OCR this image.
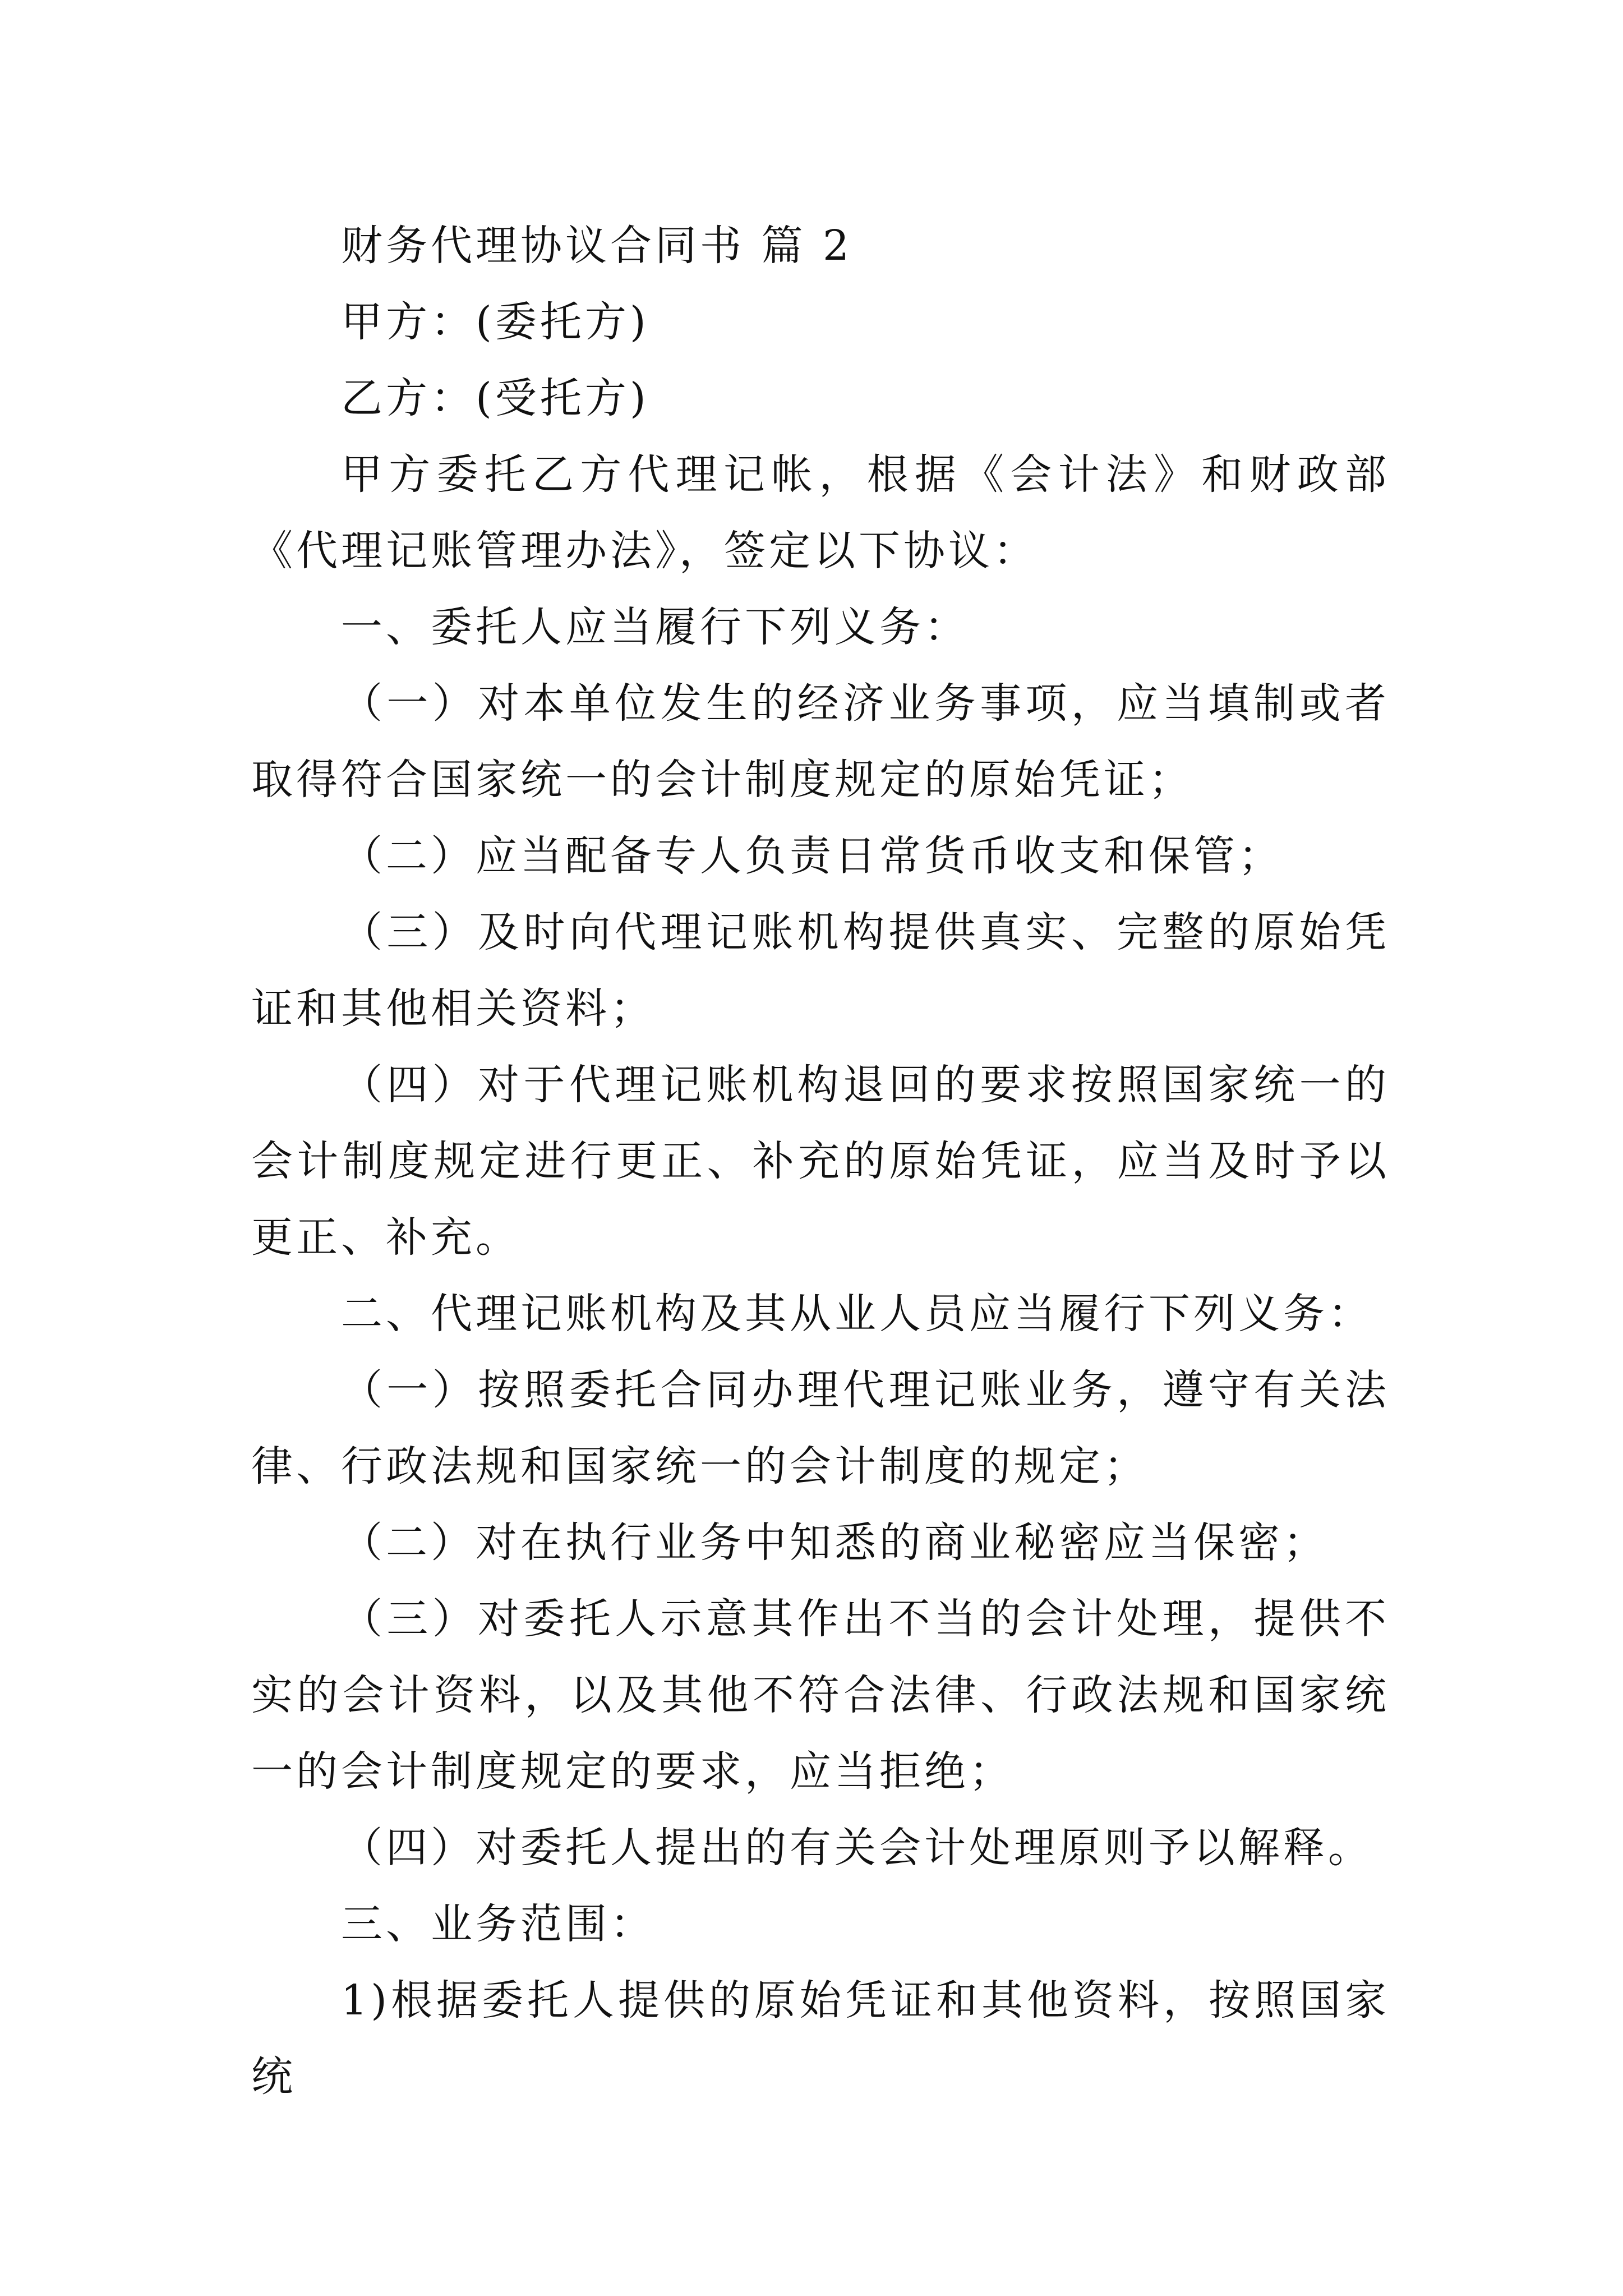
财务代理协议合同书 篇 2

甲方：(委托方)

乙方：(受托方)

甲方委托乙方代理记帐，根据《会计法》和财政部《代理记账管理办法》，签定以下协议：

一、委托人应当履行下列义务：

（一）对本单位发生的经济业务事项，应当填制或者取得符合国家统一的会计制度规定的原始凭证；

（二）应当配备专人负责日常货币收支和保管；

（三）及时向代理记账机构提供真实、完整的原始凭证和其他相关资料；

（四）对于代理记账机构退回的要求按照国家统一的会计制度规定进行更正、补充的原始凭证，应当及时予以更正、补充。

二、代理记账机构及其从业人员应当履行下列义务：

（一）按照委托合同办理代理记账业务，遵守有关法律、行政法规和国家统一的会计制度的规定；

（二）对在执行业务中知悉的商业秘密应当保密；

（三）对委托人示意其作出不当的会计处理，提供不实的会计资料，以及其他不符合法律、行政法规和国家统一的会计制度规定的要求，应当拒绝；

（四）对委托人提出的有关会计处理原则予以解释。

三、业务范围：

1)根据委托人提供的原始凭证和其他资料，按照国家统
